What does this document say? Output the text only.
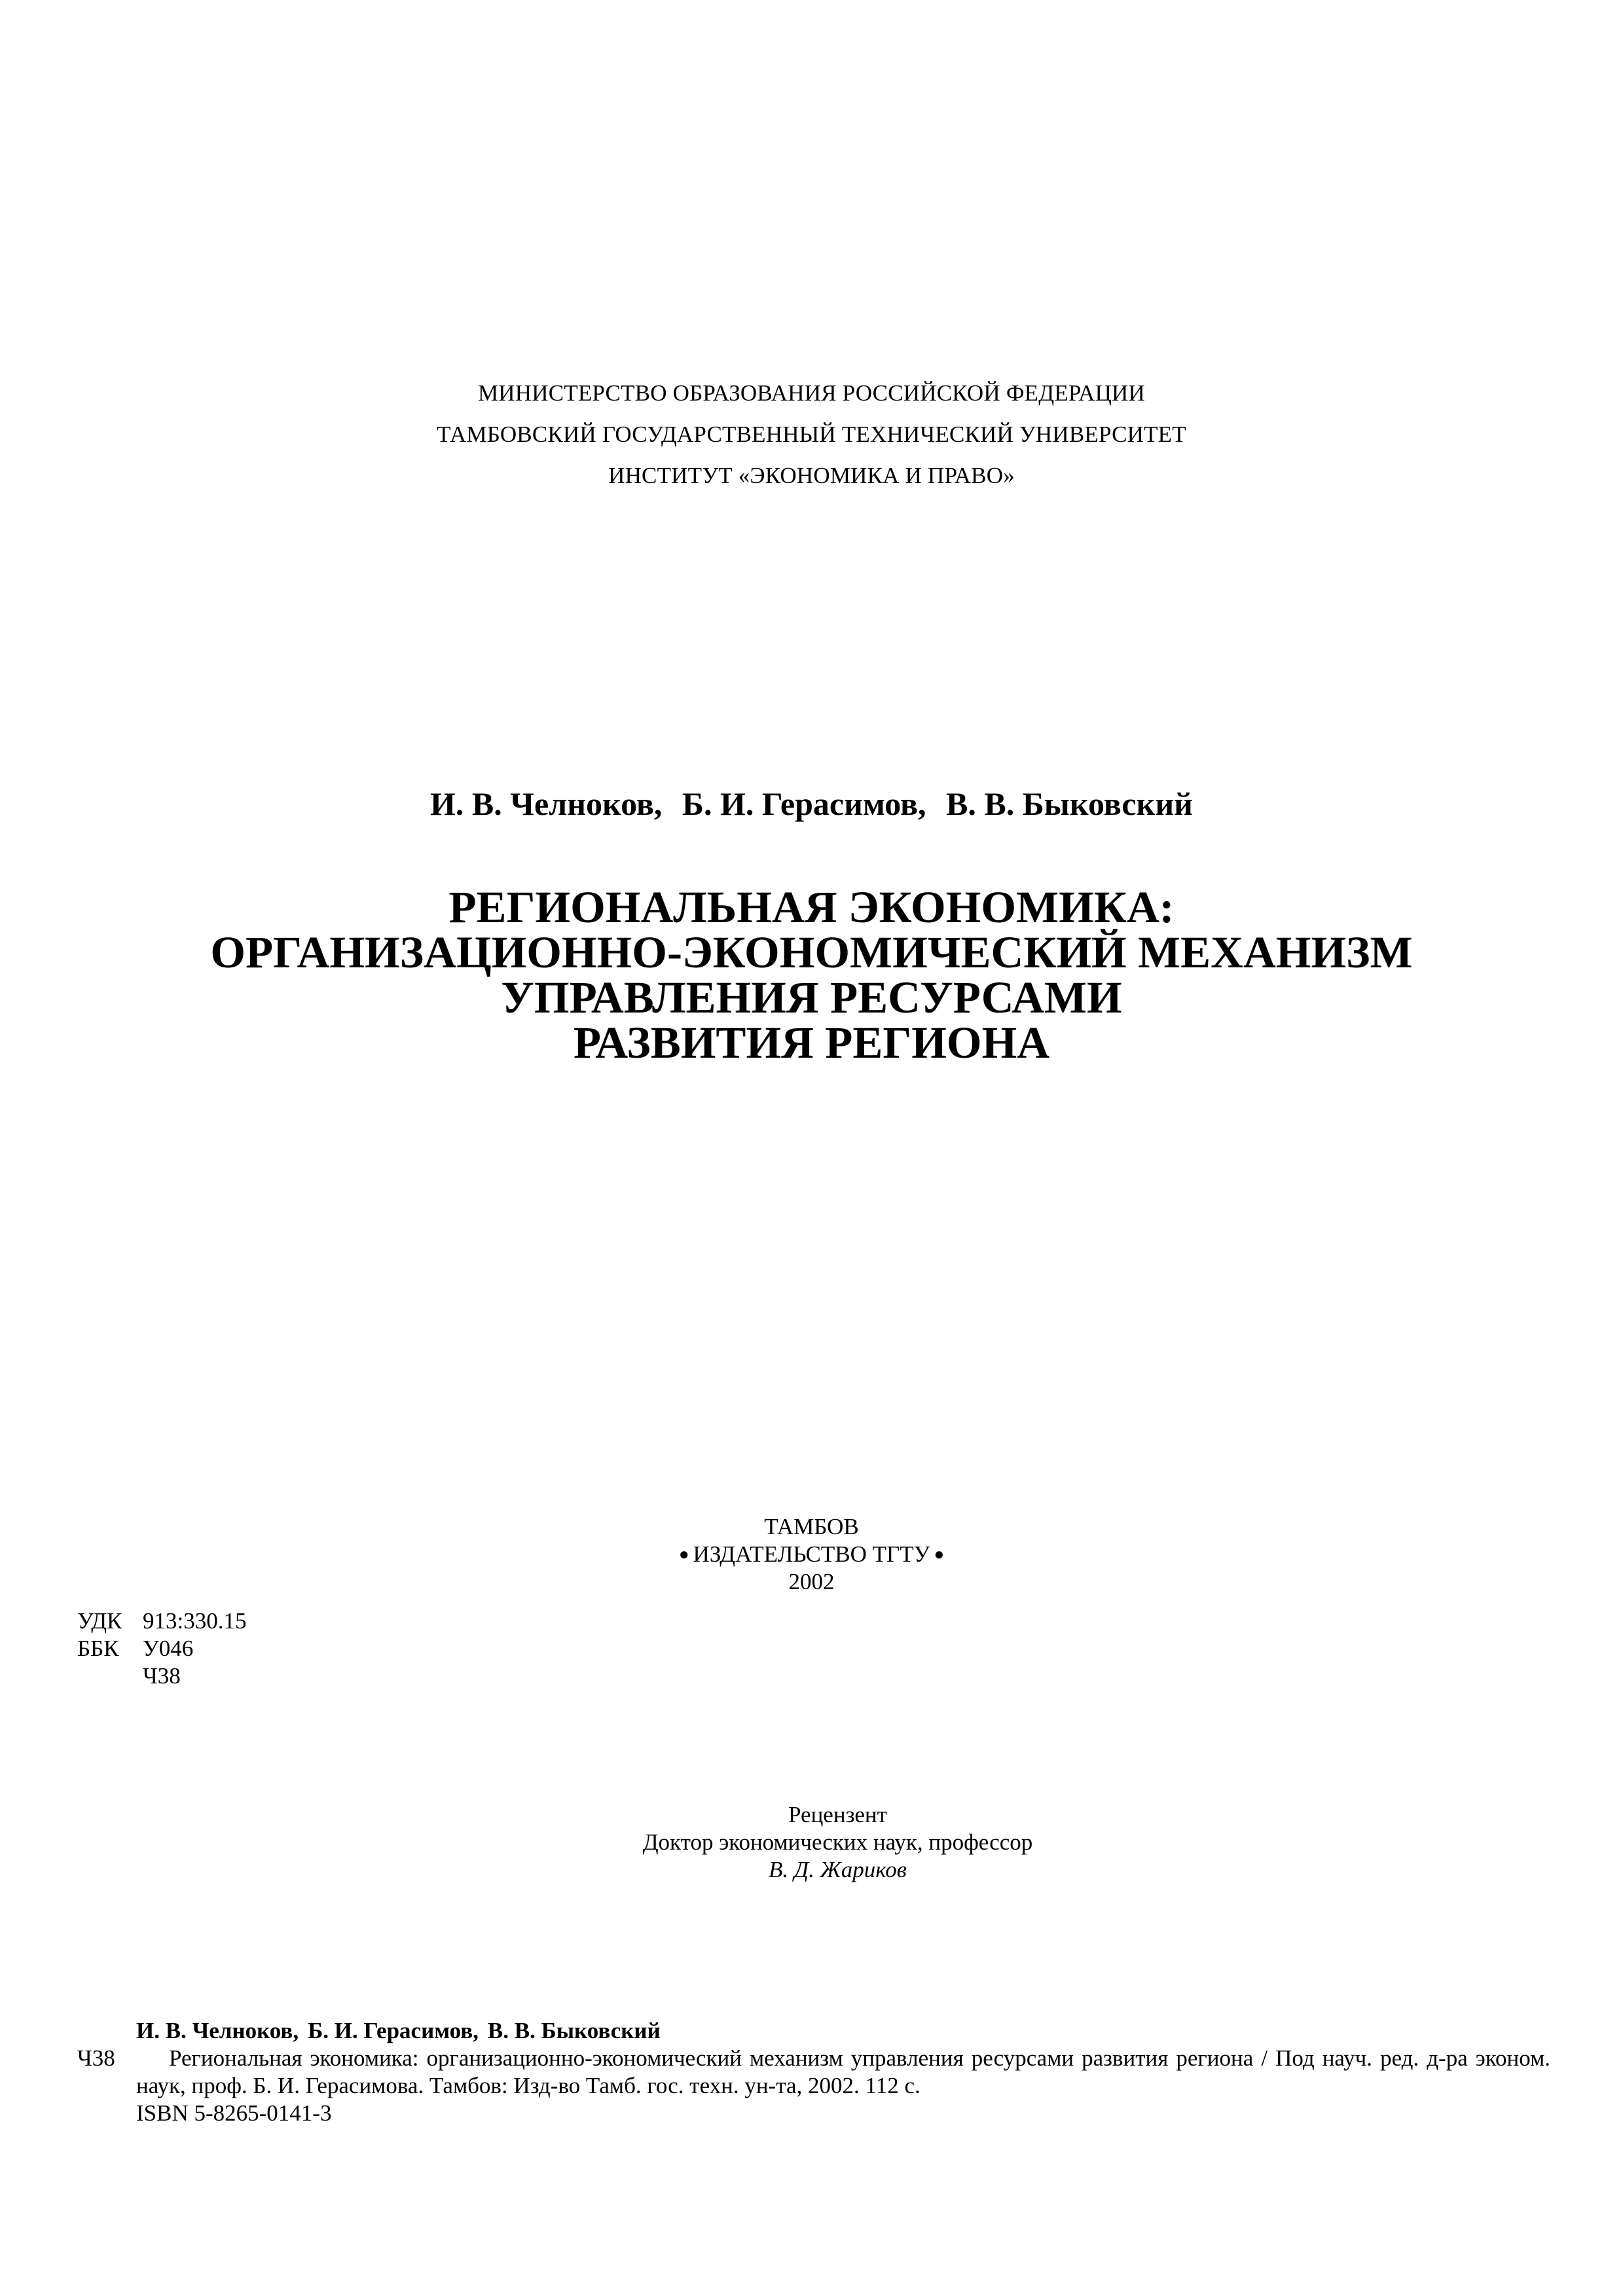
МИНИСТЕРСТВО ОБРАЗОВАНИЯ РОССИЙСКОЙ ФЕДЕРАЦИИ
ТАМБОВСКИЙ ГОСУДАРСТВЕННЫЙ ТЕХНИЧЕСКИЙ УНИВЕРСИТЕТ
ИНСТИТУТ «ЭКОНОМИКА И ПРАВО»
И. В. Челноков, Б. И. Герасимов, В. В. Быковский
РЕГИОНАЛЬНАЯ ЭКОНОМИКА:
ОРГАНИЗАЦИОННО-ЭКОНОМИЧЕСКИЙ МЕХАНИЗМ
УПРАВЛЕНИЯ РЕСУРСАМИ
РАЗВИТИЯ РЕГИОНА
ТАМБОВ
● ИЗДАТЕЛЬСТВО ТГТУ ●
2002
УДК 913:330.15
ББК У046
Ч38
Рецензент
Доктор экономических наук, профессор
В. Д. Жариков
И. В. Челноков, Б. И. Герасимов, В. В. Быковский
Ч38	Региональная экономика: организационно-экономический механизм управления ресурсами развития региона / Под науч. ред. д-ра эконом. наук, проф. Б. И. Герасимова. Тамбов: Изд-во Тамб. гос. техн. ун-та, 2002. 112 с.
ISBN 5-8265-0141-3
